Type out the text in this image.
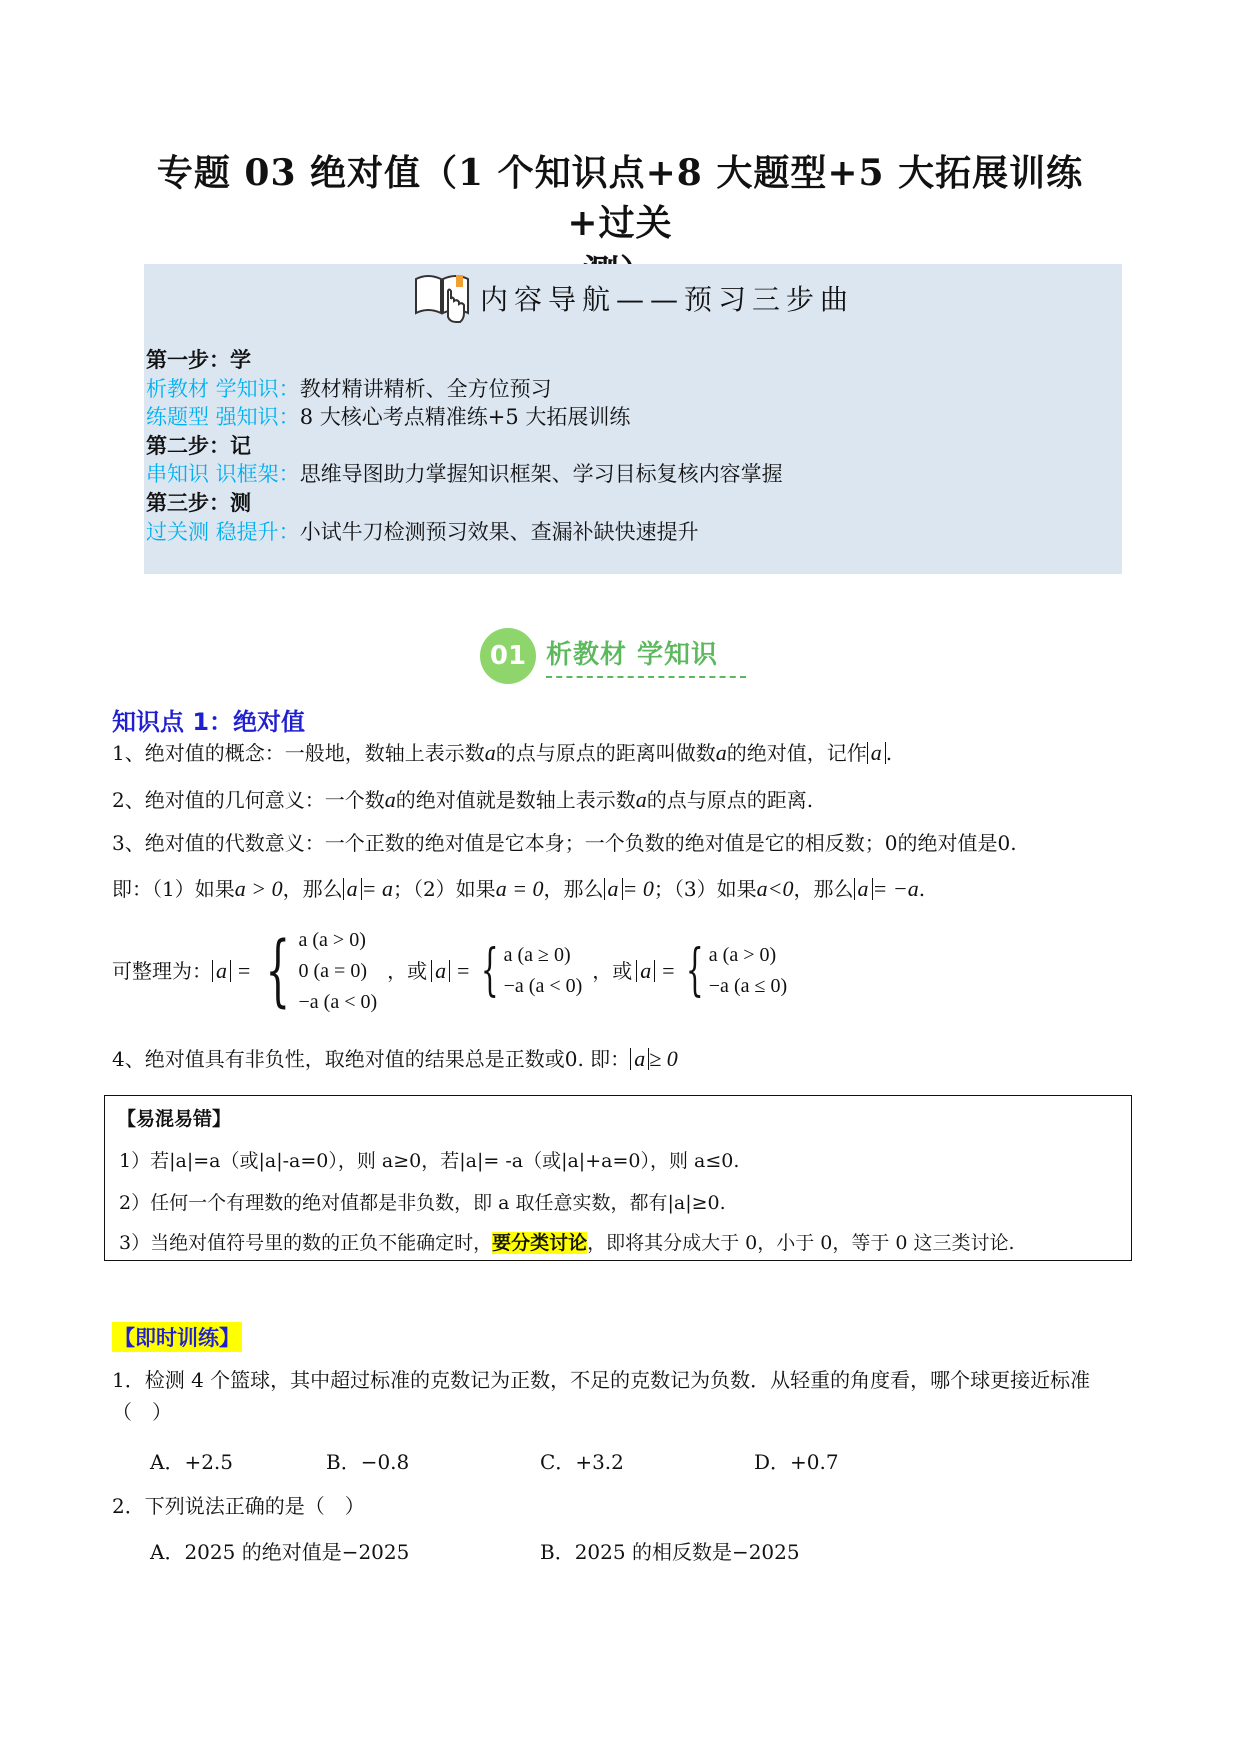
专题 03 绝对值（1 个知识点+8 大题型+5 大拓展训练+过关
内容导航——预习三步曲
第一步：学
析教材 学知识：教材精讲精析、全方位预习
练题型 强知识：8 大核心考点精准练+5 大拓展训练
第二步：记
串知识 识框架：思维导图助力掌握知识框架、学习目标复核内容掌握
第三步：测
过关测 稳提升：小试牛刀检测预习效果、查漏补缺快速提升
01 析教材 学知识
知识点 1：绝对值
1、绝对值的概念：一般地，数轴上表示数a的点与原点的距离叫做数a的绝对值，记作 a .
2、绝对值的几何意义：一个数a的绝对值就是数轴上表示数a的点与原点的距离.
3、绝对值的代数意义：一个正数的绝对值是它本身；一个负数的绝对值是它的相反数；0的绝对值是0.
即：（1）如果a > 0，那么 a = a；（2）如果a = 0，那么 a = 0；（3）如果a<0，那么 a = −a.
可整理为： a = { a (a > 0)
0 (a = 0)
−a (a < 0)
，或 a = { a (a ≥ 0)
−a (a < 0)
，或 a = { a (a > 0)
−a (a ≤ 0)
4、绝对值具有非负性，取绝对值的结果总是正数或0. 即： a ≥ 0
【易混易错】
1）若|a|=a（或|a|-a=0），则 a≥0，若|a|= -a（或|a|+a=0），则 a≤0.
2）任何一个有理数的绝对值都是非负数，即 a 取任意实数，都有|a|≥0.
3）当绝对值符号里的数的正负不能确定时，要分类讨论，即将其分成大于 0，小于 0，等于 0 这三类讨论.
【即时训练】
1．检测 4 个篮球，其中超过标准的克数记为正数，不足的克数记为负数．从轻重的角度看，哪个球更接近标准（　）
A．+2.5	B．−0.8	C．+3.2	D．+0.7
2．下列说法正确的是（　）
A．2025 的绝对值是−2025	B．2025 的相反数是−2025
